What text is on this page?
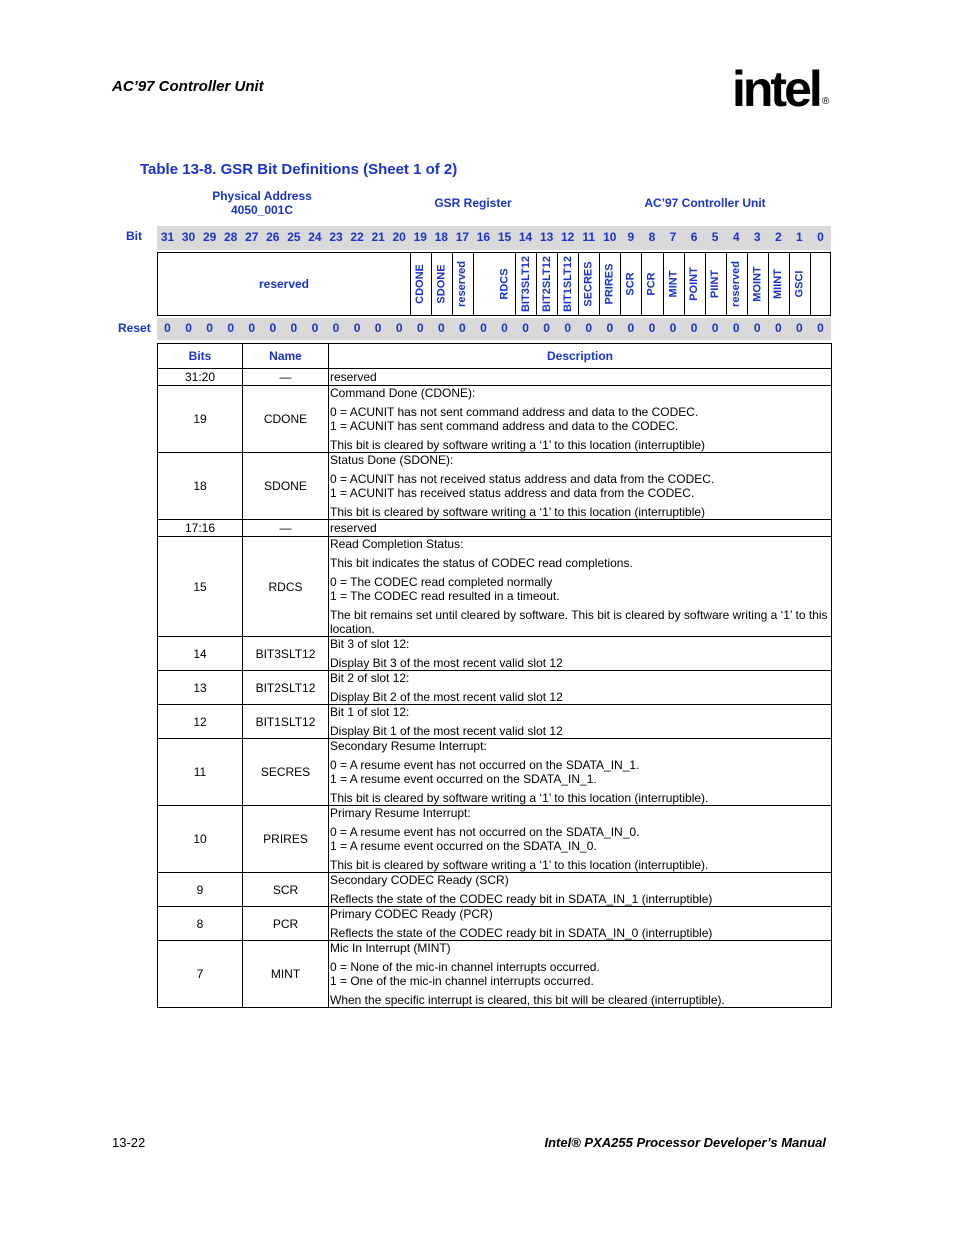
AC’97 Controller Unit	intel ®
Table 13-8. GSR Bit Definitions (Sheet 1 of 2)
Physical Address
4050_001C	GSR Register	AC’97 Controller Unit
Bit	31 30 29 28 27 26 25 24 23 22 21 20 19 18 17 16 15 14 13 12 11 10 9	8	7	6	5	4	3	2	1	0
reserved	CDONE SDONE reserved	RDCS BIT3SLT12 BIT2SLT12 BIT1SLT12 SECRES PRIRES SCR PCR MINT POINT PIINT reserved MOINT MIINT GSCI
Reset	0	0	0	0	0	0	0	0	0	0	0	0	0	0	0	0	0	0	0	0	0	0	0	0	0	0	0	0	0	0	0	0
Bits	Name	Description
31:20	—	reserved

19	CDONE	Command Done (CDONE):
0 = ACUNIT has not sent command address and data to the CODEC.
1 = ACUNIT has sent command address and data to the CODEC.
This bit is cleared by software writing a ‘1’ to this location (interruptible)

18	SDONE	Status Done (SDONE):
0 = ACUNIT has not received status address and data from the CODEC.
1 = ACUNIT has received status address and data from the CODEC.
This bit is cleared by software writing a ‘1’ to this location (interruptible)

17:16	—	reserved

15	RDCS	Read Completion Status:
This bit indicates the status of CODEC read completions.
0 = The CODEC read completed normally
1 = The CODEC read resulted in a timeout.
The bit remains set until cleared by software. This bit is cleared by software writing a ‘1’ to this location.

14	BIT3SLT12	Bit 3 of slot 12:
Display Bit 3 of the most recent valid slot 12

13	BIT2SLT12	Bit 2 of slot 12:
Display Bit 2 of the most recent valid slot 12

12	BIT1SLT12	Bit 1 of slot 12:
Display Bit 1 of the most recent valid slot 12

11	SECRES	Secondary Resume Interrupt:
0 = A resume event has not occurred on the SDATA_IN_1.
1 = A resume event occurred on the SDATA_IN_1.
This bit is cleared by software writing a ‘1’ to this location (interruptible).

10	PRIRES	Primary Resume Interrupt:
0 = A resume event has not occurred on the SDATA_IN_0.
1 = A resume event occurred on the SDATA_IN_0.
This bit is cleared by software writing a ‘1’ to this location (interruptible).

9	SCR	Secondary CODEC Ready (SCR)
Reflects the state of the CODEC ready bit in SDATA_IN_1 (interruptible)

8	PCR	Primary CODEC Ready (PCR)
Reflects the state of the CODEC ready bit in SDATA_IN_0 (interruptible)

7	MINT	Mic In Interrupt (MINT)
0 = None of the mic-in channel interrupts occurred.
1 = One of the mic-in channel interrupts occurred.
When the specific interrupt is cleared, this bit will be cleared (interruptible).
13-22	Intel® PXA255 Processor Developer’s Manual
